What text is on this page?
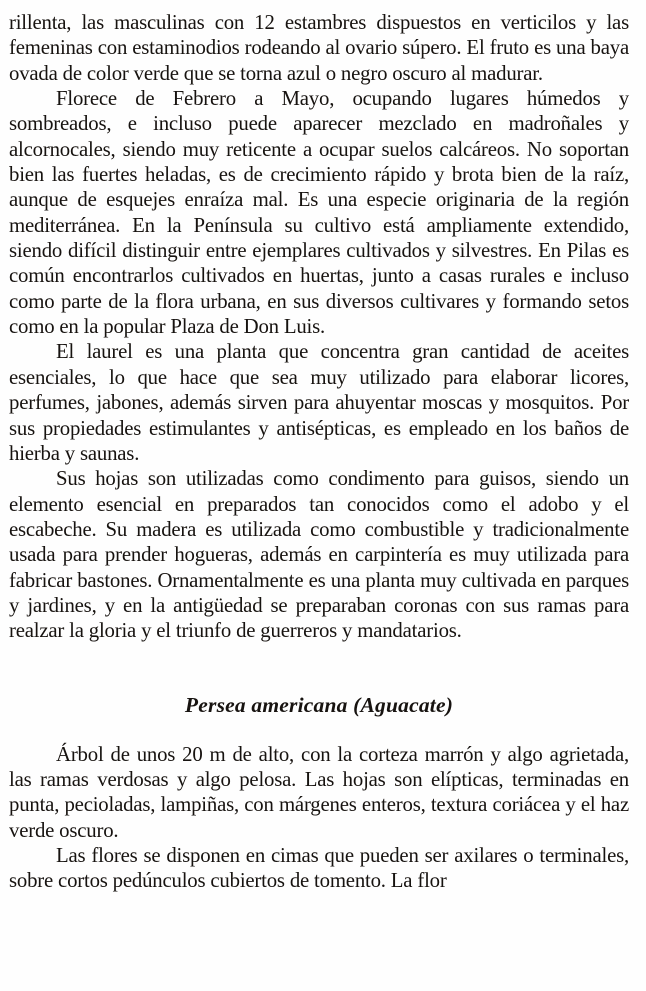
rillenta, las masculinas con 12 estambres dispuestos en verticilos y las femeninas con estaminodios rodeando al ovario súpero. El fruto es una baya ovada de color verde que se torna azul o negro oscuro al madurar.

Florece de Febrero a Mayo, ocupando lugares húmedos y sombreados, e incluso puede aparecer mezclado en madroñales y alcornocales, siendo muy reticente a ocupar suelos calcáreos. No soportan bien las fuertes heladas, es de crecimiento rápido y brota bien de la raíz, aunque de esquejes enraíza mal. Es una especie originaria de la región mediterránea. En la Península su cultivo está ampliamente extendido, siendo difícil distinguir entre ejemplares cultivados y silvestres. En Pilas es común encontrarlos cultivados en huertas, junto a casas rurales e incluso como parte de la flora urbana, en sus diversos cultivares y formando setos como en la popular Plaza de Don Luis.

El laurel es una planta que concentra gran cantidad de aceites esenciales, lo que hace que sea muy utilizado para elaborar licores, perfumes, jabones, además sirven para ahuyentar moscas y mosquitos. Por sus propiedades estimulantes y antisépticas, es empleado en los baños de hierba y saunas.

Sus hojas son utilizadas como condimento para guisos, siendo un elemento esencial en preparados tan conocidos como el adobo y el escabeche. Su madera es utilizada como combustible y tradicionalmente usada para prender hogueras, además en carpintería es muy utilizada para fabricar bastones. Ornamentalmente es una planta muy cultivada en parques y jardines, y en la antigüedad se preparaban coronas con sus ramas para realzar la gloria y el triunfo de guerreros y mandatarios.

Persea americana (Aguacate)

Árbol de unos 20 m de alto, con la corteza marrón y algo agrietada, las ramas verdosas y algo pelosa. Las hojas son elípticas, terminadas en punta, pecioladas, lampiñas, con márgenes enteros, textura coriácea y el haz verde oscuro.

Las flores se disponen en cimas que pueden ser axilares o terminales, sobre cortos pedúnculos cubiertos de tomento. La flor
